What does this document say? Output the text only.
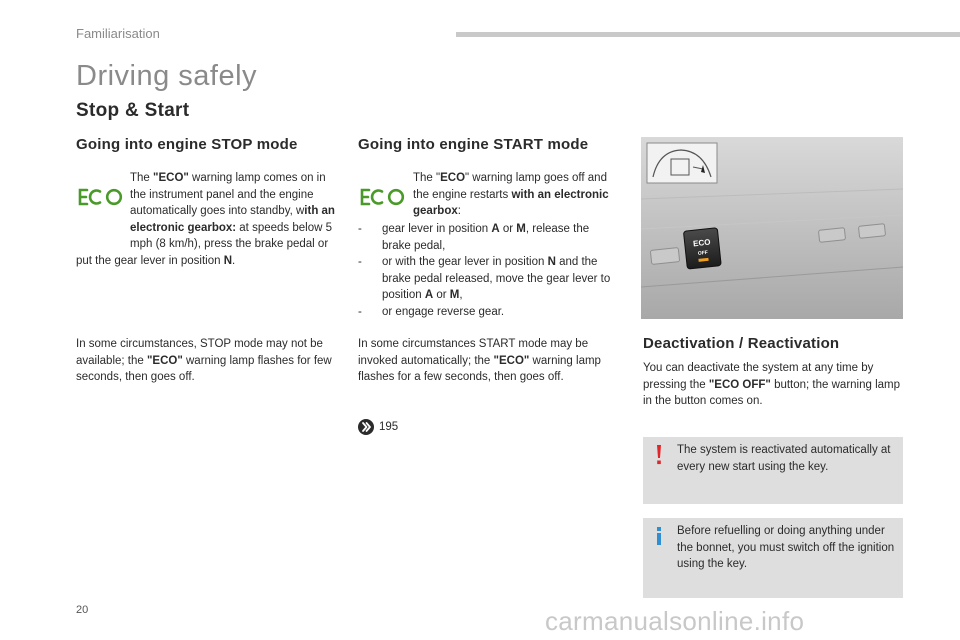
Familiarisation
Driving safely
Stop & Start
Going into engine STOP mode
The "ECO" warning lamp comes on in the instrument panel and the engine automatically goes into standby, with an electronic gearbox: at speeds below 5 mph (8 km/h), press the brake pedal or put the gear lever in position N.
In some circumstances, STOP mode may not be available; the "ECO" warning lamp flashes for few seconds, then goes off.
Going into engine START mode
The "ECO" warning lamp goes off and the engine restarts with an electronic gearbox:
- gear lever in position A or M, release the brake pedal,
- or with the gear lever in position N and the brake pedal released, move the gear lever to position A or M,
- or engage reverse gear.
In some circumstances START mode may be invoked automatically; the "ECO" warning lamp flashes for a few seconds, then goes off.
195
ECO
OFF
Deactivation / Reactivation
You can deactivate the system at any time by pressing the "ECO OFF" button; the warning lamp in the button comes on.
The system is reactivated automatically at every new start using the key.
Before refuelling or doing anything under the bonnet, you must switch off the ignition using the key.
20	carmanualsonline.info
